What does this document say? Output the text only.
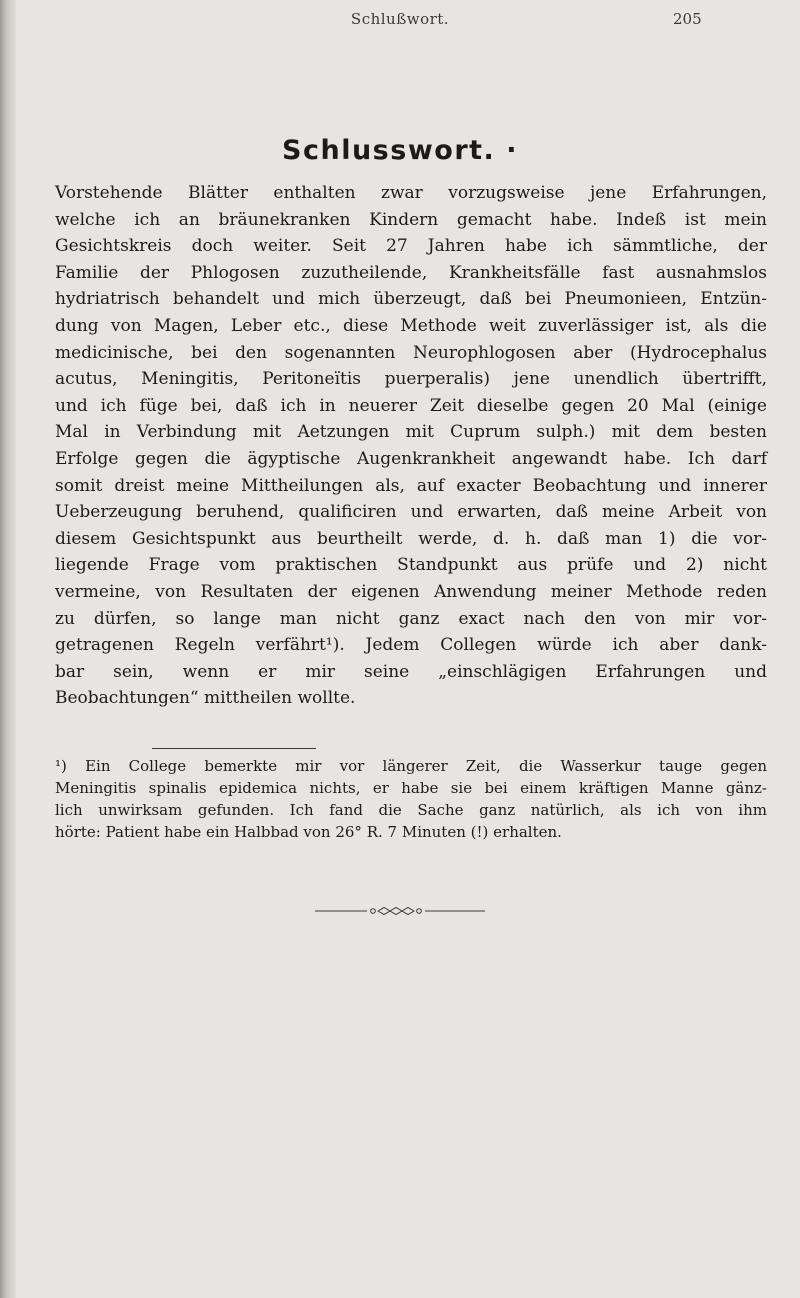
Schlußwort.	205
Schlusswort. ·
Vorstehende Blätter enthalten zwar vorzugsweise jene Erfahrungen,
welche ich an bräunekranken Kindern gemacht habe. Indeß ist mein
Gesichtskreis doch weiter. Seit 27 Jahren habe ich sämmtliche, der
Familie der Phlogosen zuzutheilende, Krankheitsfälle fast ausnahmslos
hydriatrisch behandelt und mich überzeugt, daß bei Pneumonieen, Entzün-
dung von Magen, Leber etc., diese Methode weit zuverlässiger ist, als die
medicinische, bei den sogenannten Neurophlogosen aber (Hydrocephalus
acutus, Meningitis, Peritoneïtis puerperalis) jene unendlich übertrifft,
und ich füge bei, daß ich in neuerer Zeit dieselbe gegen 20 Mal (einige
Mal in Verbindung mit Aetzungen mit Cuprum sulph.) mit dem besten
Erfolge gegen die ägyptische Augenkrankheit angewandt habe. Ich darf
somit dreist meine Mittheilungen als, auf exacter Beobachtung und innerer
Ueberzeugung beruhend, qualificiren und erwarten, daß meine Arbeit von
diesem Gesichtspunkt aus beurtheilt werde, d. h. daß man 1) die vor-
liegende Frage vom praktischen Standpunkt aus prüfe und 2) nicht
vermeine, von Resultaten der eigenen Anwendung meiner Methode reden
zu dürfen, so lange man nicht ganz exact nach den von mir vor-
getragenen Regeln verfährt¹). Jedem Collegen würde ich aber dank-
bar sein, wenn er mir seine „einschlägigen Erfahrungen und
Beobachtungen“ mittheilen wollte.
¹) Ein College bemerkte mir vor längerer Zeit, die Wasserkur tauge gegen
Meningitis spinalis epidemica nichts, er habe sie bei einem kräftigen Manne gänz-
lich unwirksam gefunden. Ich fand die Sache ganz natürlich, als ich von ihm
hörte: Patient habe ein Halbbad von 26° R. 7 Minuten (!) erhalten.
